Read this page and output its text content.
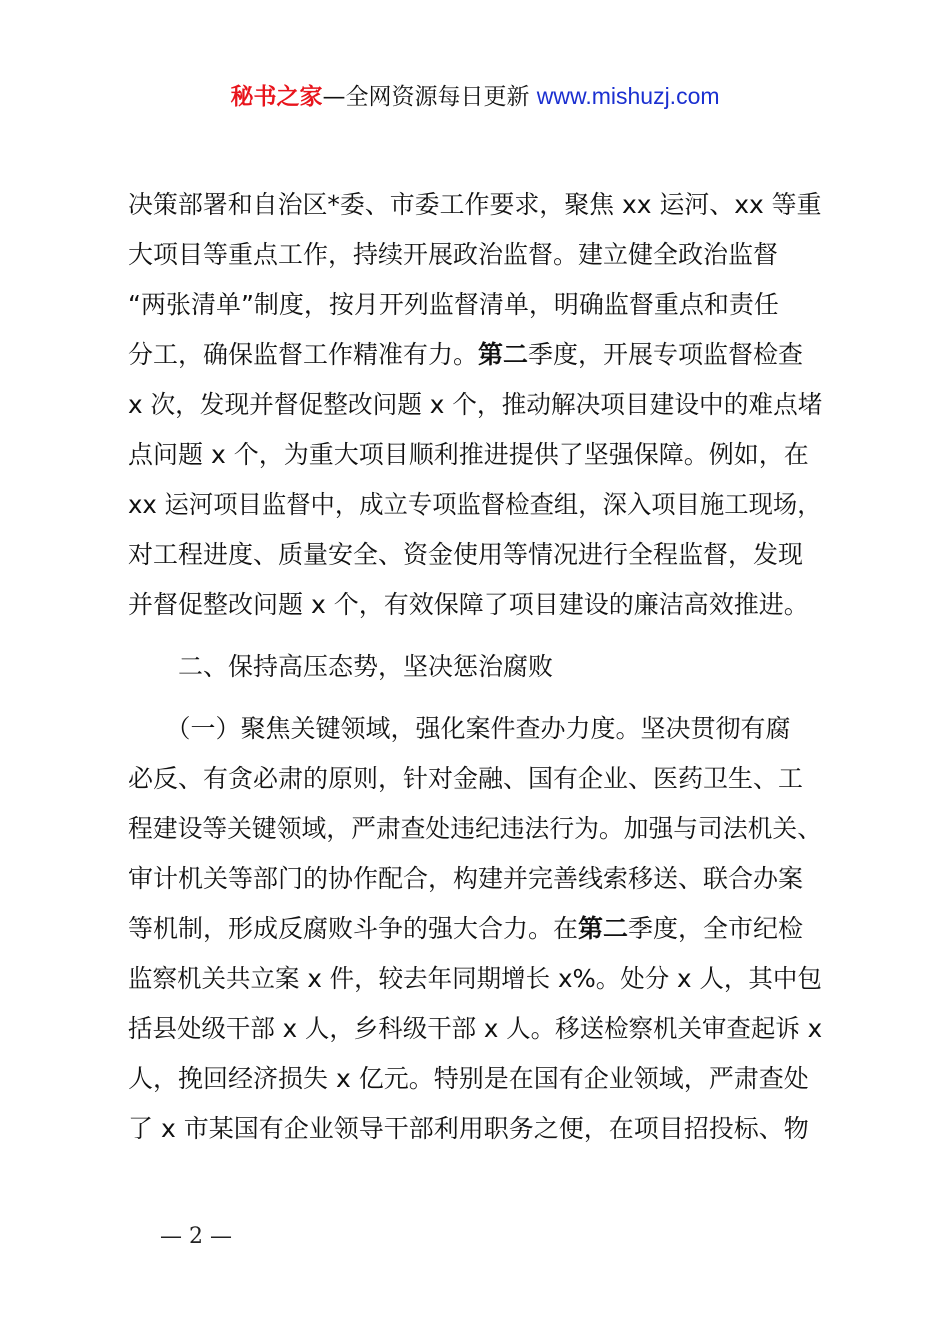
秘书之家—全网资源每日更新 www.mishuzj.com
决策部署和自治区*委、市委工作要求，聚焦 xx 运河、xx 等重
大项目等重点工作，持续开展政治监督。建立健全政治监督
“两张清单”制度，按月开列监督清单，明确监督重点和责任
分工，确保监督工作精准有力。第二季度，开展专项监督检查
x 次，发现并督促整改问题 x 个，推动解决项目建设中的难点堵
点问题 x 个，为重大项目顺利推进提供了坚强保障。例如，在
xx 运河项目监督中，成立专项监督检查组，深入项目施工现场，
对工程进度、质量安全、资金使用等情况进行全程监督，发现
并督促整改问题 x 个，有效保障了项目建设的廉洁高效推进。
　　二、保持高压态势，坚决惩治腐败
　　（一）聚焦关键领域，强化案件查办力度。坚决贯彻有腐
必反、有贪必肃的原则，针对金融、国有企业、医药卫生、工
程建设等关键领域，严肃查处违纪违法行为。加强与司法机关、
审计机关等部门的协作配合，构建并完善线索移送、联合办案
等机制，形成反腐败斗争的强大合力。在第二季度，全市纪检
监察机关共立案 x 件，较去年同期增长 x%。处分 x 人，其中包
括县处级干部 x 人，乡科级干部 x 人。移送检察机关审查起诉 x
人，挽回经济损失 x 亿元。特别是在国有企业领域，严肃查处
了 x 市某国有企业领导干部利用职务之便，在项目招投标、物
— 2 —
